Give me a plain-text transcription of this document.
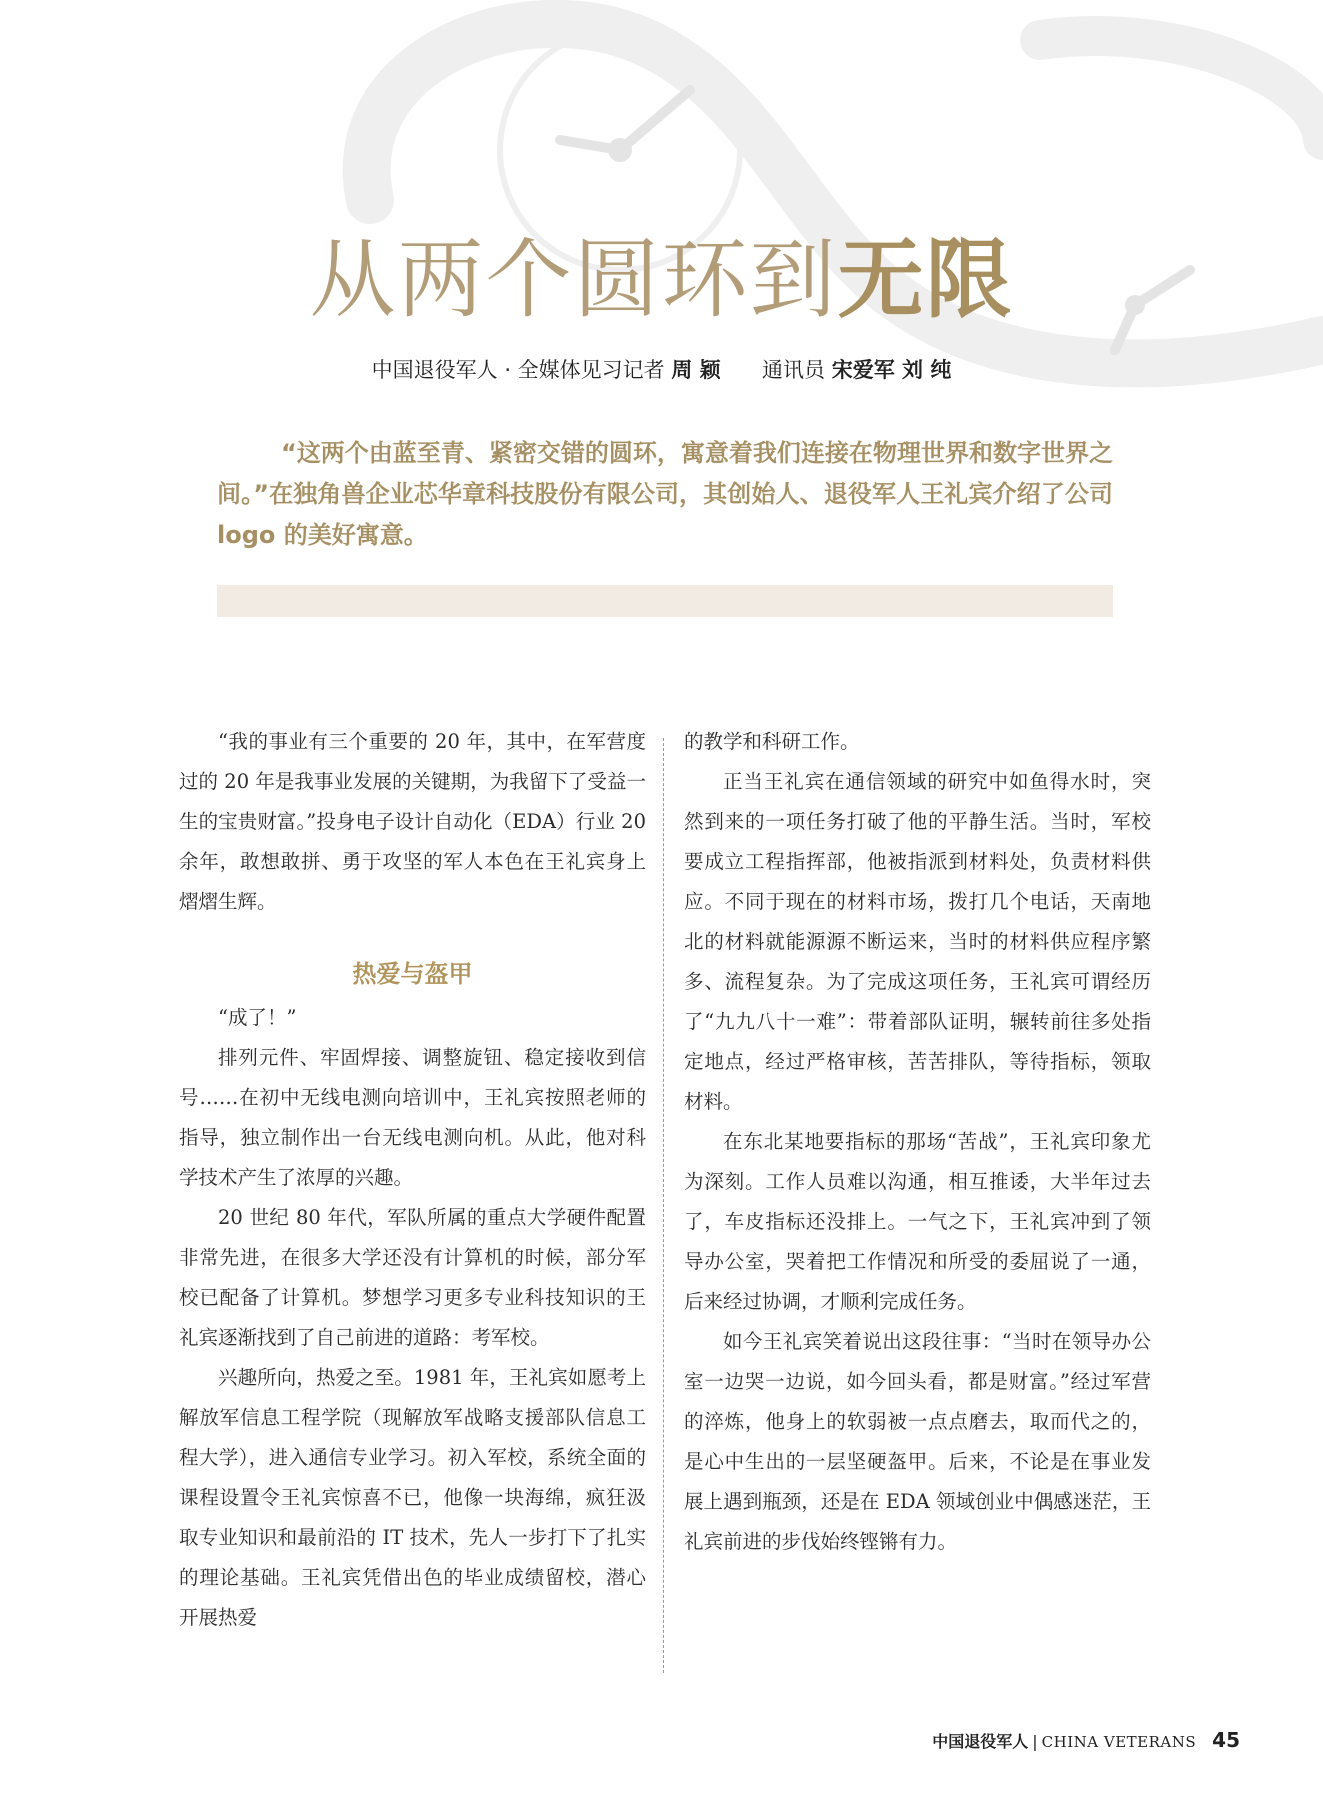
从两个圆环到无限
中国退役军人 · 全媒体见习记者 周 颖 通讯员 宋爱军 刘 纯
“这两个由蓝至青、紧密交错的圆环，寓意着我们连接在物理世界和数字世界之间。”在独角兽企业芯华章科技股份有限公司，其创始人、退役军人王礼宾介绍了公司 logo 的美好寓意。

“我的事业有三个重要的 20 年，其中，在军营度过的 20 年是我事业发展的关键期，为我留下了受益一生的宝贵财富。”投身电子设计自动化（EDA）行业 20 余年，敢想敢拼、勇于攻坚的军人本色在王礼宾身上熠熠生辉。

热爱与盔甲

“成了！”

排列元件、牢固焊接、调整旋钮、稳定接收到信号……在初中无线电测向培训中，王礼宾按照老师的指导，独立制作出一台无线电测向机。从此，他对科学技术产生了浓厚的兴趣。

20 世纪 80 年代，军队所属的重点大学硬件配置非常先进，在很多大学还没有计算机的时候，部分军校已配备了计算机。梦想学习更多专业科技知识的王礼宾逐渐找到了自己前进的道路：考军校。

兴趣所向，热爱之至。1981 年，王礼宾如愿考上解放军信息工程学院（现解放军战略支援部队信息工程大学），进入通信专业学习。初入军校，系统全面的课程设置令王礼宾惊喜不已，他像一块海绵，疯狂汲取专业知识和最前沿的 IT 技术，先人一步打下了扎实的理论基础。王礼宾凭借出色的毕业成绩留校，潜心开展热爱

的教学和科研工作。

正当王礼宾在通信领域的研究中如鱼得水时，突然到来的一项任务打破了他的平静生活。当时，军校要成立工程指挥部，他被指派到材料处，负责材料供应。不同于现在的材料市场，拨打几个电话，天南地北的材料就能源源不断运来，当时的材料供应程序繁多、流程复杂。为了完成这项任务，王礼宾可谓经历了“九九八十一难”：带着部队证明，辗转前往多处指定地点，经过严格审核，苦苦排队，等待指标，领取材料。

在东北某地要指标的那场“苦战”，王礼宾印象尤为深刻。工作人员难以沟通，相互推诿，大半年过去了，车皮指标还没排上。一气之下，王礼宾冲到了领导办公室，哭着把工作情况和所受的委屈说了一通，后来经过协调，才顺利完成任务。

如今王礼宾笑着说出这段往事：“当时在领导办公室一边哭一边说，如今回头看，都是财富。”经过军营的淬炼，他身上的软弱被一点点磨去，取而代之的，是心中生出的一层坚硬盔甲。后来，不论是在事业发展上遇到瓶颈，还是在 EDA 领域创业中偶感迷茫，王礼宾前进的步伐始终铿锵有力。

中国退役军人 | CHINA VETERANS 45
